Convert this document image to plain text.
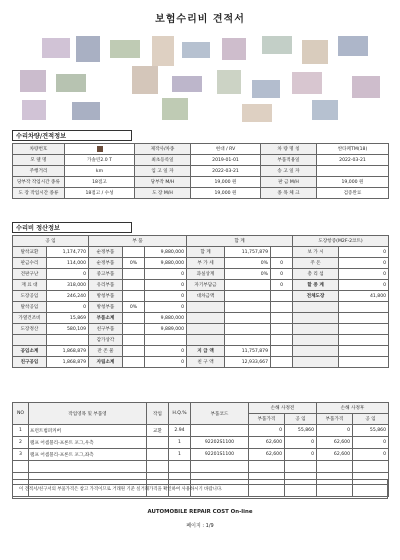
보험수리비 견적서
수리차량/견적정보
차량번호		제작사/차종	현대 / RV	차 량 명 칭	싼타페TM(18)
모 델 명	가솔린2.0 T	최초등록일	2019-01-01	부품적용일	2022-03-21
주행거리	km	입 고 일 자	2022-03-21	송 고 일 자	
당부작 작업시간 종류	18점고	당부작 M/H	19,000 원	판 금 M/H	19,000 원
도 장 작업시간 종류	18점고 / 수성	도 장 M/H	19,000 원	종 목 체 크	검증완료
수리비 정산정보
공 임		부 품			합 계			도장항증(M2F-2코트)	
탈착교환	1,174,770	순정부품		9,880,000	합 계	11,757,879		보 가 시	0
판금수리	114,000	순정부품	0%	9,880,000	부 가 세	0%	0	주 돈	0
견판구난	0	중고부품		0	과실상계	0%	0	총 리 섬	0
재 료 대	318,000	유리부품		0	자기부담금		0	할 중 계	0
도장공임	246,240	방청부품		0	대차금액			전체도장	41,800
탈착공임	0	방청부품	0%	0					
가열건조비	15,869	부품소계		9,880,000					
도장정산	580,109	친구부품		9,889,000					
		감가상각							
공임소계	1,868,879	잔 존 물		0	지 급 액	11,757,879			
친구공임	1,868,879	자립소계		0	친 구 액	12,933,667			
NO	작업영목 및 부품영	작업	H.Q.%	부품코드	손해 사정전		손해 사정후	
					부품가격	공 임	부품가격	공 임
1	프런트범퍼커버	교환	2.94		0	55,860	0	55,860
2	램프 어셈블리-프론트 포그,우측		1	92202S1100	62,600	0	62,600	0
3	램프 어셈블리-프론트 포그,좌측		1	92201S1100	62,600	0	62,600	0

이 견적서/친구서의 부품가격은 참고 가격이므로 거래원 기준 실거래가격을 확인하여 사용하시기 바랍니다.
AUTOMOBILE REPAIR COST On-line
페이지 : 1/9
